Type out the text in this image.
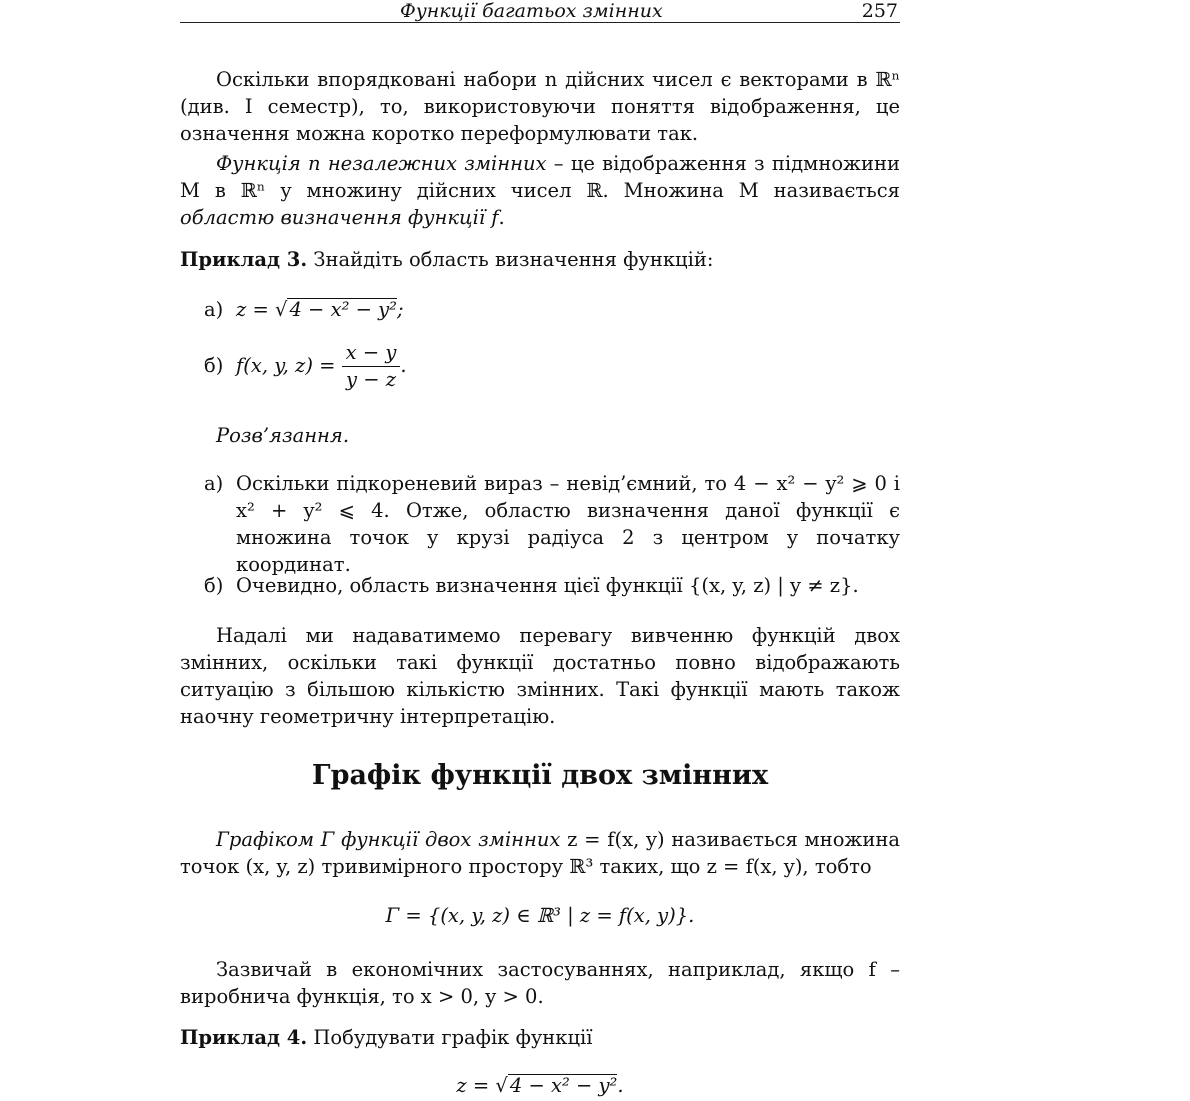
Функції багатьох змінних	257
Оскільки впорядковані набори n дійсних чисел є векторами в ℝⁿ (див. I семестр), то, використовуючи поняття відображення, це означення можна коротко переформулювати так.
Функція n незалежних змінних – це відображення з підмножини M в ℝⁿ у множину дійсних чисел ℝ. Множина M називається областю визначення функції f.
Приклад 3. Знайдіть область визначення функцій:
а) z = √ 4 − x² − y²;
б) f(x, y, $z) = \frac{x - y}{y - z}$ .
Розв’язання.
а) Оскільки підкореневий вираз – невід’ємний, то 4 − x² − y² ⩾ 0 і x² + y² ⩽ 4. Отже, областю визначення даної функції є множина точок у крузі радіуса 2 з центром у початку координат.
б) Очевидно, область визначення цієї функції {(x, y, z) | y ≠ z}.
Надалі ми надаватимемо перевагу вивченню функцій двох змінних, оскільки такі функції достатньо повно відображають ситуацію з більшою кількістю змінних. Такі функції мають також наочну геометричну інтерпретацію.
Графік функції двох змінних
Графіком Γ функції двох змінних z = f(x, y) називається множина точок (x, y, z) тривимірного простору ℝ³ таких, що z = f(x, y), тобто
Γ = {(x, y, z) ∈ ℝ³ | z = f(x, y)}.
Зазвичай в економічних застосуваннях, наприклад, якщо f – виробнича функція, то x > 0, y > 0.
Приклад 4. Побудувати графік функції
z = √ 4 − x² − y².
